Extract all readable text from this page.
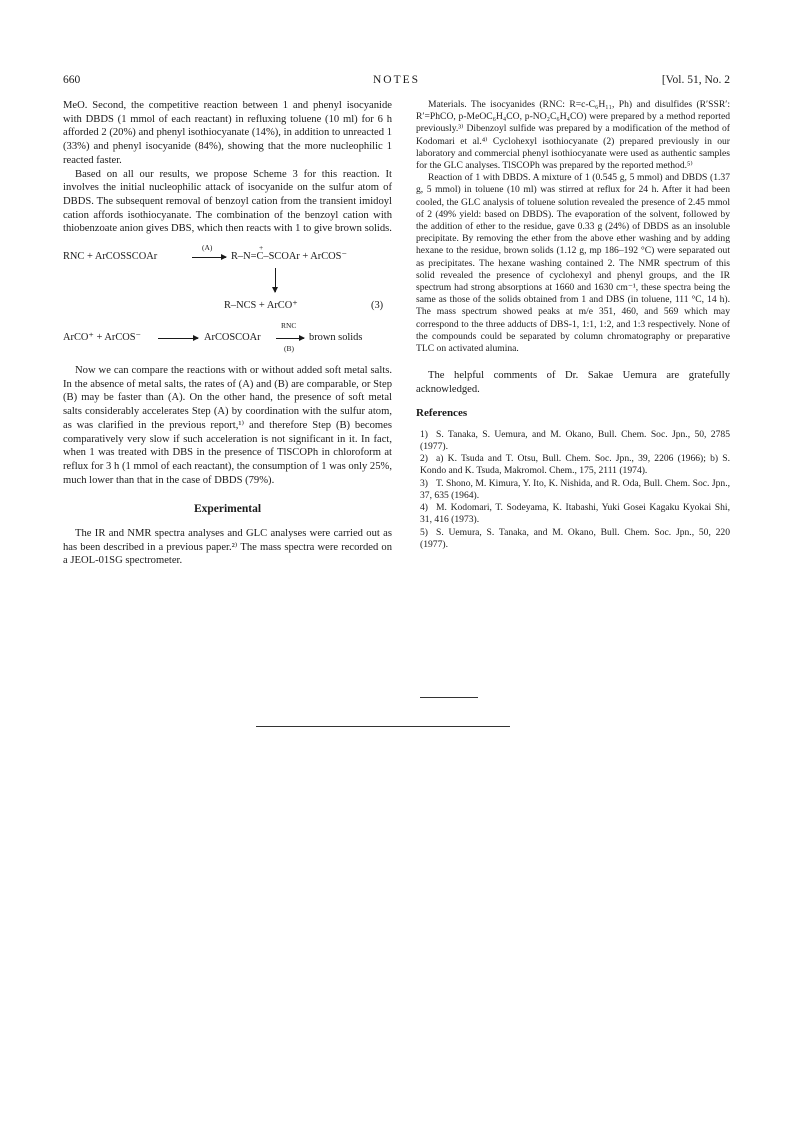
660	NOTES	[Vol. 51, No. 2

MeO. Second, the competitive reaction between 1 and phenyl isocyanide with DBDS (1 mmol of each reactant) in refluxing toluene (10 ml) for 6 h afforded 2 (20%) and phenyl isothiocyanate (14%), in addition to unreacted 1 (33%) and phenyl isocyanide (84%), showing that the more nucleophilic 1 reacted faster.

Based on all our results, we propose Scheme 3 for this reaction. It involves the initial nucleophilic attack of isocyanide on the sulfur atom of DBDS. The subsequent removal of benzoyl cation from the transient imidoyl cation affords isothiocyanate. The combination of the benzoyl cation with thiobenzoate anion gives DBS, which then reacts with 1 to give brown solids.

RNC + ArCOSSCOAr
(A)	+
R–N=C–SCOAr + ArCOS⁻
R–NCS + ArCO⁺	(3)
ArCO⁺ + ArCOS⁻	ArCOSCOAr
RNC
(B)
brown solids

Now we can compare the reactions with or without added soft metal salts. In the absence of metal salts, the rates of (A) and (B) are comparable, or Step (B) may be faster than (A). On the other hand, the presence of soft metal salts considerably accelerates Step (A) by coordination with the sulfur atom, as was clarified in the previous report,¹⁾ and therefore Step (B) becomes comparatively very slow if such acceleration is not significant in it. In fact, when 1 was treated with DBS in the presence of TlSCOPh in chloroform at reflux for 3 h (1 mmol of each reactant), the consumption of 1 was only 25%, much lower than that in the case of DBDS (79%).

Experimental

The IR and NMR spectra analyses and GLC analyses were carried out as has been described in a previous paper.²⁾ The mass spectra were recorded on a JEOL-01SG spectrometer.

Materials. The isocyanides (RNC: R=c-C₆H₁₁, Ph) and disulfides (R′SSR′: R′=PhCO, p-MeOC₆H₄CO, p-NO₂C₆H₄CO) were prepared by a method reported previously.³⁾ Dibenzoyl sulfide was prepared by a modification of the method of Kodomari et al.⁴⁾ Cyclohexyl isothiocyanate (2) prepared previously in our laboratory and commercial phenyl isothiocyanate were used as authentic samples for the GLC analyses. TlSCOPh was prepared by the reported method.⁵⁾

Reaction of 1 with DBDS. A mixture of 1 (0.545 g, 5 mmol) and DBDS (1.37 g, 5 mmol) in toluene (10 ml) was stirred at reflux for 24 h. After it had been cooled, the GLC analysis of toluene solution revealed the presence of 2.45 mmol of 2 (49% yield: based on DBDS). The evaporation of the solvent, followed by the addition of ether to the residue, gave 0.33 g (24%) of DBDS as an insoluble precipitate. By removing the ether from the above ether washing and by adding hexane to the residue, brown solids (1.12 g, mp 186–192 °C) were separated out as precipitates. The hexane washing contained 2. The NMR spectrum of this solid revealed the presence of cyclohexyl and phenyl groups, and the IR spectrum had strong absorptions at 1660 and 1630 cm⁻¹, these spectra being the same as those of the solids obtained from 1 and DBS (in toluene, 111 °C, 14 h). The mass spectrum showed peaks at m/e 351, 460, and 569 which may correspond to the three adducts of DBS-1, 1:1, 1:2, and 1:3 respectively. None of the compounds could be separated by column chromatography or preparative TLC on activated alumina.

The helpful comments of Dr. Sakae Uemura are gratefully acknowledged.

References

1) S. Tanaka, S. Uemura, and M. Okano, Bull. Chem. Soc. Jpn., 50, 2785 (1977).

2) a) K. Tsuda and T. Otsu, Bull. Chem. Soc. Jpn., 39, 2206 (1966); b) S. Kondo and K. Tsuda, Makromol. Chem., 175, 2111 (1974).

3) T. Shono, M. Kimura, Y. Ito, K. Nishida, and R. Oda, Bull. Chem. Soc. Jpn., 37, 635 (1964).

4) M. Kodomari, T. Sodeyama, K. Itabashi, Yuki Gosei Kagaku Kyokai Shi, 31, 416 (1973).

5) S. Uemura, S. Tanaka, and M. Okano, Bull. Chem. Soc. Jpn., 50, 220 (1977).
